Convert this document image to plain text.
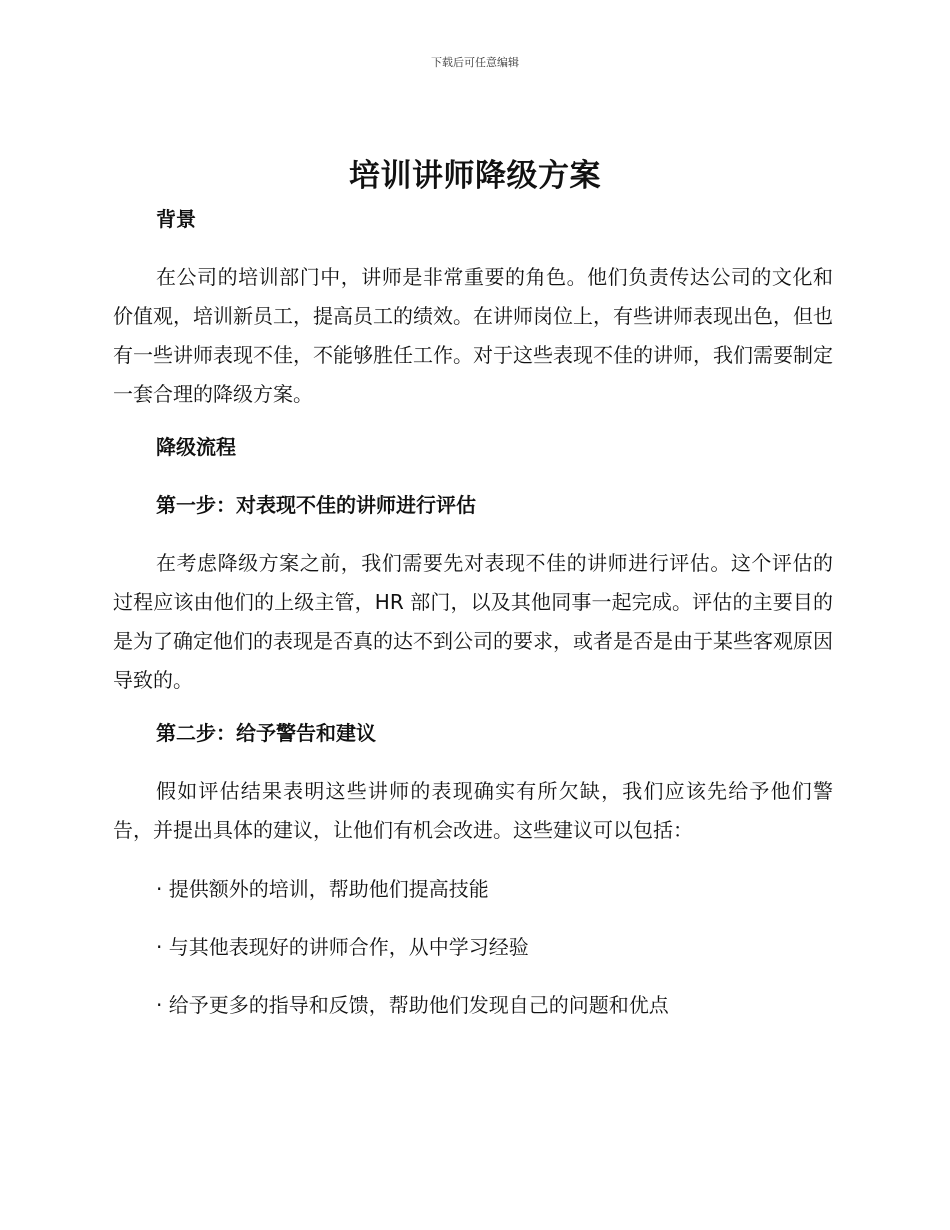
下载后可任意编辑
培训讲师降级方案

背景

在公司的培训部门中，讲师是非常重要的角色。他们负责传达公司的文化和价值观，培训新员工，提高员工的绩效。在讲师岗位上，有些讲师表现出色，但也有一些讲师表现不佳，不能够胜任工作。对于这些表现不佳的讲师，我们需要制定一套合理的降级方案。

降级流程

第一步：对表现不佳的讲师进行评估

在考虑降级方案之前，我们需要先对表现不佳的讲师进行评估。这个评估的过程应该由他们的上级主管，HR 部门，以及其他同事一起完成。评估的主要目的是为了确定他们的表现是否真的达不到公司的要求，或者是否是由于某些客观原因导致的。

第二步：给予警告和建议

假如评估结果表明这些讲师的表现确实有所欠缺，我们应该先给予他们警告，并提出具体的建议，让他们有机会改进。这些建议可以包括：

· 提供额外的培训，帮助他们提高技能

· 与其他表现好的讲师合作，从中学习经验

· 给予更多的指导和反馈，帮助他们发现自己的问题和优点
